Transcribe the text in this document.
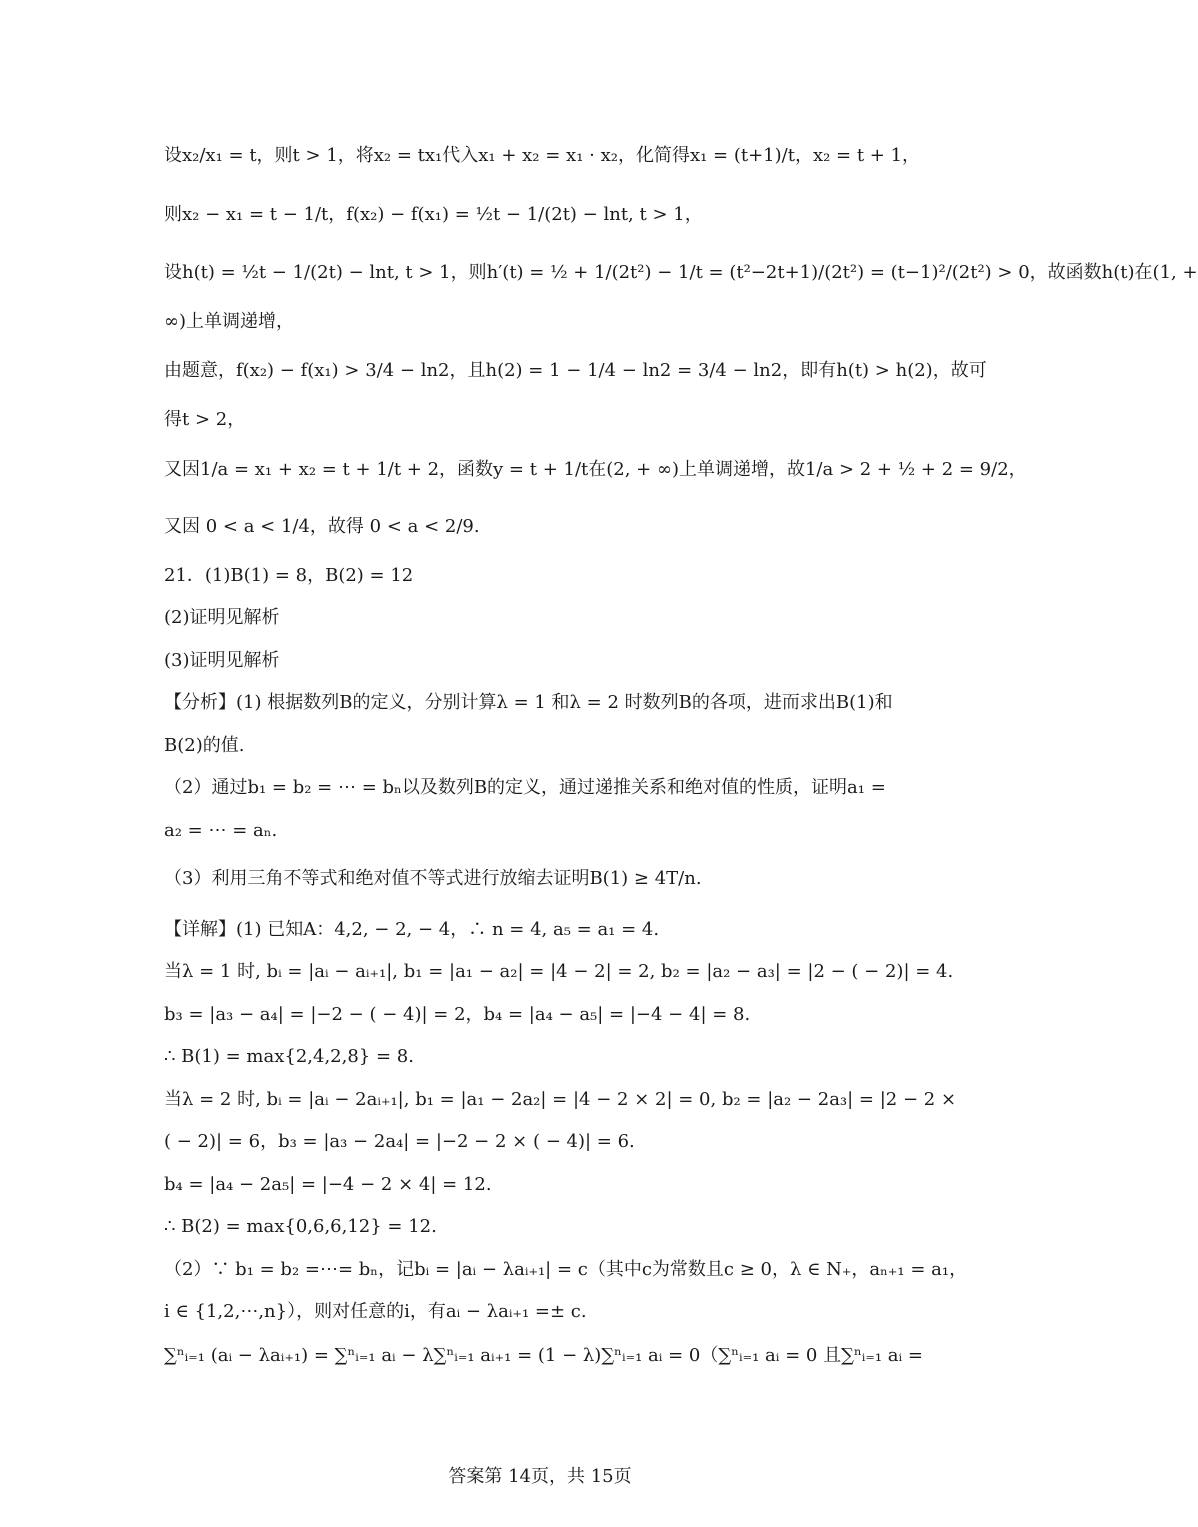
设x₂/x₁ = t，则t > 1，将x₂ = tx₁代入x₁ + x₂ = x₁ · x₂，化简得x₁ = (t+1)/t，x₂ = t + 1，
则x₂ − x₁ = t − 1/t，f(x₂) − f(x₁) = ½t − 1/(2t) − lnt, t > 1，
设h(t) = ½t − 1/(2t) − lnt, t > 1，则h′(t) = ½ + 1/(2t²) − 1/t = (t²−2t+1)/(2t²) = (t−1)²/(2t²) > 0，故函数h(t)在(1, +
∞)上单调递增，
由题意，f(x₂) − f(x₁) > 3/4 − ln2，且h(2) = 1 − 1/4 − ln2 = 3/4 − ln2，即有h(t) > h(2)，故可
得t > 2，
又因1/a = x₁ + x₂ = t + 1/t + 2，函数y = t + 1/t在(2, + ∞)上单调递增，故1/a > 2 + ½ + 2 = 9/2，
又因 0 < a < 1/4，故得 0 < a < 2/9.
21．(1)B(1) = 8，B(2) = 12
(2)证明见解析
(3)证明见解析
【分析】(1) 根据数列B的定义，分别计算λ = 1 和λ = 2 时数列B的各项，进而求出B(1)和
B(2)的值.
（2）通过b₁ = b₂ = ⋯ = bₙ以及数列B的定义，通过递推关系和绝对值的性质，证明a₁ =
a₂ = ⋯ = aₙ.
（3）利用三角不等式和绝对值不等式进行放缩去证明B(1) ≥ 4T/n.
【详解】(1) 已知A：4,2, − 2, − 4，∴ n = 4, a₅ = a₁ = 4.
当λ = 1 时, bᵢ = |aᵢ − aᵢ₊₁|, b₁ = |a₁ − a₂| = |4 − 2| = 2, b₂ = |a₂ − a₃| = |2 − ( − 2)| = 4.
b₃ = |a₃ − a₄| = |−2 − ( − 4)| = 2，b₄ = |a₄ − a₅| = |−4 − 4| = 8.
∴ B(1) = max{2,4,2,8} = 8.
当λ = 2 时, bᵢ = |aᵢ − 2aᵢ₊₁|, b₁ = |a₁ − 2a₂| = |4 − 2 × 2| = 0, b₂ = |a₂ − 2a₃| = |2 − 2 ×
( − 2)| = 6，b₃ = |a₃ − 2a₄| = |−2 − 2 × ( − 4)| = 6.
b₄ = |a₄ − 2a₅| = |−4 − 2 × 4| = 12.
∴ B(2) = max{0,6,6,12} = 12.
（2）∵ b₁ = b₂ =⋯= bₙ，记bᵢ = |aᵢ − λaᵢ₊₁| = c（其中c为常数且c ≥ 0，λ ∈ N₊，aₙ₊₁ = a₁，
i ∈ {1,2,⋯,n}），则对任意的i，有aᵢ − λaᵢ₊₁ =± c.
∑ⁿᵢ₌₁ (aᵢ − λaᵢ₊₁) = ∑ⁿᵢ₌₁ aᵢ − λ∑ⁿᵢ₌₁ aᵢ₊₁ = (1 − λ)∑ⁿᵢ₌₁ aᵢ = 0（∑ⁿᵢ₌₁ aᵢ = 0 且∑ⁿᵢ₌₁ aᵢ =
答案第 14页，共 15页
